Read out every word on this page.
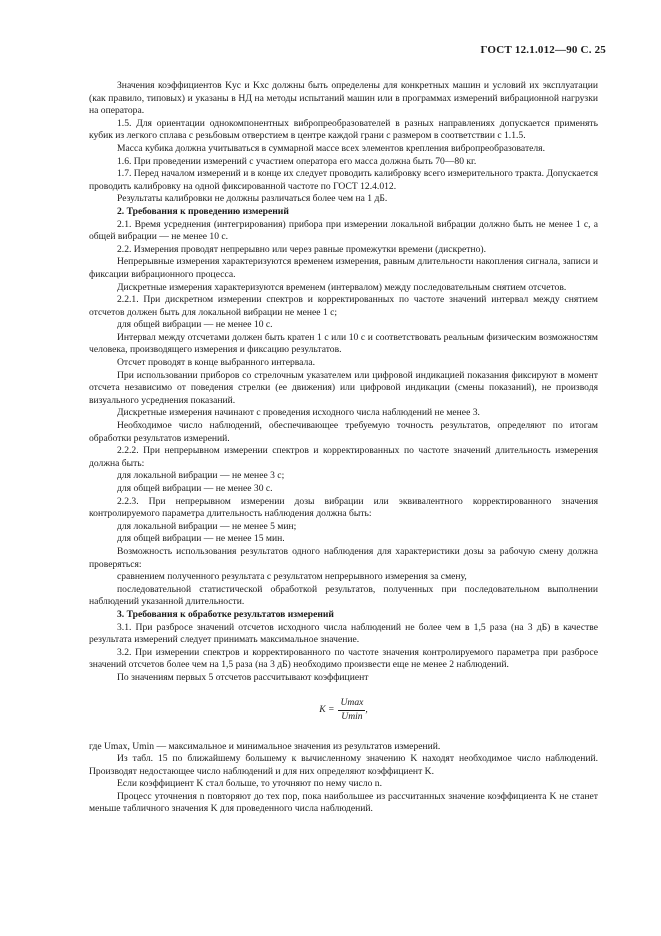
ГОСТ 12.1.012—90 С. 25

Значения коэффициентов Kус и Kхс должны быть определены для конкретных машин и условий их эксплуатации (как правило, типовых) и указаны в НД на методы испытаний машин или в программах измерений вибрационной нагрузки на оператора.

1.5. Для ориентации однокомпонентных вибропреобразователей в разных направлениях допускается применять кубик из легкого сплава с резьбовым отверстием в центре каждой грани с размером в соответствии с 1.1.5.

Масса кубика должна учитываться в суммарной массе всех элементов крепления вибропреобразователя.

1.6. При проведении измерений с участием оператора его масса должна быть 70—80 кг.

1.7. Перед началом измерений и в конце их следует проводить калибровку всего измерительного тракта. Допускается проводить калибровку на одной фиксированной частоте по ГОСТ 12.4.012.

Результаты калибровки не должны различаться более чем на 1 дБ.

2. Требования к проведению измерений

2.1. Время усреднения (интегрирования) прибора при измерении локальной вибрации должно быть не менее 1 с, а общей вибрации — не менее 10 с.

2.2. Измерения проводят непрерывно или через равные промежутки времени (дискретно).

Непрерывные измерения характеризуются временем измерения, равным длительности накопления сигнала, записи и фиксации вибрационного процесса.

Дискретные измерения характеризуются временем (интервалом) между последовательным снятием отсчетов.

2.2.1. При дискретном измерении спектров и корректированных по частоте значений интервал между снятием отсчетов должен быть для локальной вибрации не менее 1 с;

для общей вибрации — не менее 10 с.

Интервал между отсчетами должен быть кратен 1 с или 10 с и соответствовать реальным физическим возможностям человека, производящего измерения и фиксацию результатов.

Отсчет проводят в конце выбранного интервала.

При использовании приборов со стрелочным указателем или цифровой индикацией показания фиксируют в момент отсчета независимо от поведения стрелки (ее движения) или цифровой индикации (смены показаний), не производя визуального усреднения показаний.

Дискретные измерения начинают с проведения исходного числа наблюдений не менее 3.

Необходимое число наблюдений, обеспечивающее требуемую точность результатов, определяют по итогам обработки результатов измерений.

2.2.2. При непрерывном измерении спектров и корректированных по частоте значений длительность измерения должна быть:

для локальной вибрации — не менее 3 с;

для общей вибрации — не менее 30 с.

2.2.3. При непрерывном измерении дозы вибрации или эквивалентного корректированного значения контролируемого параметра длительность наблюдения должна быть:

для локальной вибрации — не менее 5 мин;

для общей вибрации — не менее 15 мин.

Возможность использования результатов одного наблюдения для характеристики дозы за рабочую смену должна проверяться:

сравнением полученного результата с результатом непрерывного измерения за смену,

последовательной статистической обработкой результатов, полученных при последовательном выполнении наблюдений указанной длительности.

3. Требования к обработке результатов измерений

3.1. При разбросе значений отсчетов исходного числа наблюдений не более чем в 1,5 раза (на 3 дБ) в качестве результата измерений следует принимать максимальное значение.

3.2. При измерении спектров и корректированного по частоте значения контролируемого параметра при разбросе значений отсчетов более чем на 1,5 раза (на 3 дБ) необходимо произвести еще не менее 2 наблюдений.

По значениям первых 5 отсчетов рассчитывают коэффициент

$K = \frac{Umax}{Umin}$ ,

где Umax, Umin — максимальное и минимальное значения из результатов измерений.

Из табл. 15 по ближайшему большему к вычисленному значению K находят необходимое число наблюдений. Производят недостающее число наблюдений и для них определяют коэффициент K.

Если коэффициент K стал больше, то уточняют по нему число n.

Процесс уточнения n повторяют до тех пор, пока наибольшее из рассчитанных значение коэффициента K не станет меньше табличного значения K для проведенного числа наблюдений.
